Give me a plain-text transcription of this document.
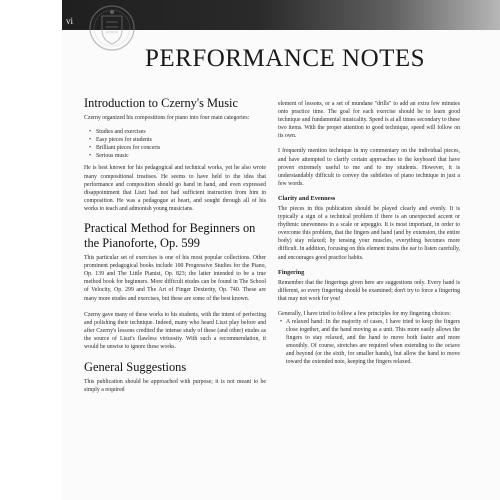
vi
PERFORMANCE NOTES
Introduction to Czerny's Music

Czerny organized his compositions for piano into four main categories:

• Studies and exercises
• Easy pieces for students
• Brilliant pieces for concerts
• Serious music

He is best known for his pedagogical and technical works, yet he also wrote many compositional treatises. He seems to have held to the idea that performance and composition should go hand in hand, and even expressed disappointment that Liszt had not had sufficient instruction from him in composition. He was a pedagogue at heart, and sought through all of his works to teach and admonish young musicians.

Practical Method for Beginners on the Pianoforte, Op. 599

This particular set of exercises is one of his most popular collections. Other prominent pedagogical books include 100 Progressive Studies for the Piano, Op. 139 and The Little Pianist, Op. 823; the latter intended to be a true method book for beginners. More difficult etudes can be found in The School of Velocity, Op. 299 and The Art of Finger Dexterity, Op. 740. These are many more etudes and exercises, but these are some of the best known.

Czerny gave many of these works to his students, with the intent of perfecting and polishing their technique. Indeed, many who heard Liszt play before and after Czerny's lessons credited the intense study of these (and other) etudes as the source of Liszt's flawless virtuosity. With such a recommendation, it would be unwise to ignore these works.

General Suggestions

This publication should be approached with purpose; it is not meant to be simply a required

element of lessons, or a set of mundane "drills" to add an extra few minutes onto practice time. The goal for each exercise should be to learn good technique and fundamental musicality. Speed is at all times secondary to these two items. With the proper attention to good technique, speed will follow on its own.

I frequently mention technique in my commentary on the individual pieces, and have attempted to clarify certain approaches to the keyboard that have proven extremely useful to me and to my students. However, it is understandably difficult to convey the subtleties of piano technique in just a few words.

Clarity and Evenness

The pieces in this publication should be played clearly and evenly. It is typically a sign of a technical problem if there is an unexpected accent or rhythmic unevenness in a scale or arpeggio. It is most important, in order to overcome this problem, that the fingers and hand (and by extension, the entire body) stay relaxed; by tensing your muscles, everything becomes more difficult. In addition, focusing on this element trains the ear to listen carefully, and encourages good practice habits.

Fingering

Remember that the fingerings given here are suggestions only. Every hand is different, so every fingering should be examined; don't try to force a fingering that may not work for you!

Generally, I have tried to follow a few principles for my fingering choices:

• A relaxed hand: In the majority of cases, I have tried to keep the fingers close together, and the hand moving as a unit. This more easily allows the fingers to stay relaxed, and the hand to move both faster and more smoothly. Of course, stretches are required when extending to the octave and beyond (or the sixth, for smaller hands), but allow the hand to move toward the extended note, keeping the fingers relaxed.
